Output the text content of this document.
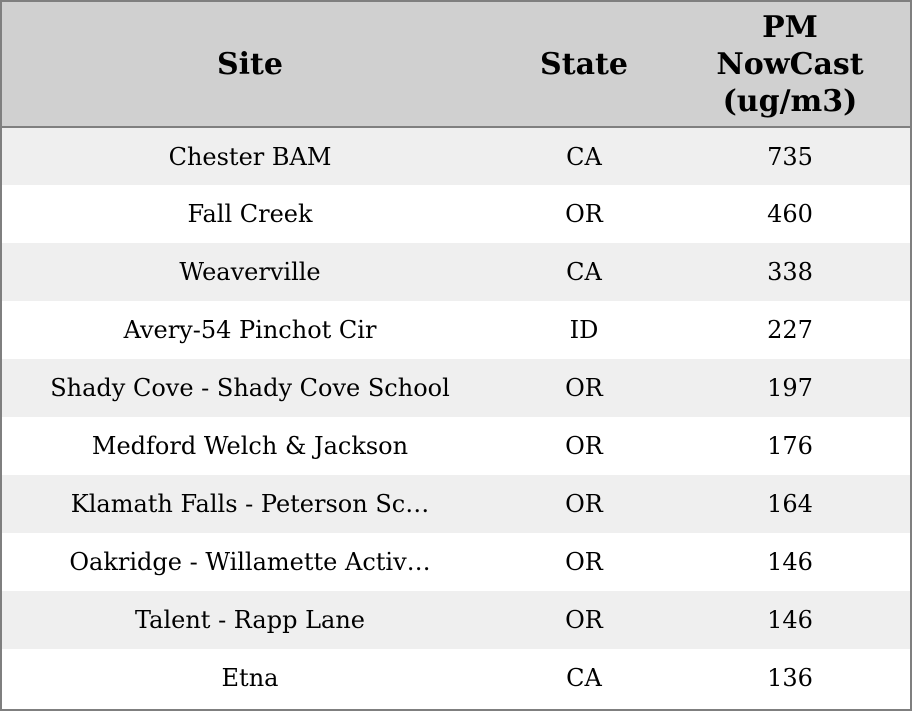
Site	State	PM
NowCast
(ug/m3)

Chester BAM	CA	735
Fall Creek	OR	460
Weaverville	CA	338
Avery-54 Pinchot Cir	ID	227
Shady Cove - Shady Cove School	OR	197
Medford Welch & Jackson	OR	176
Klamath Falls - Peterson Sc…	OR	164
Oakridge - Willamette Activ…	OR	146
Talent - Rapp Lane	OR	146
Etna	CA	136
